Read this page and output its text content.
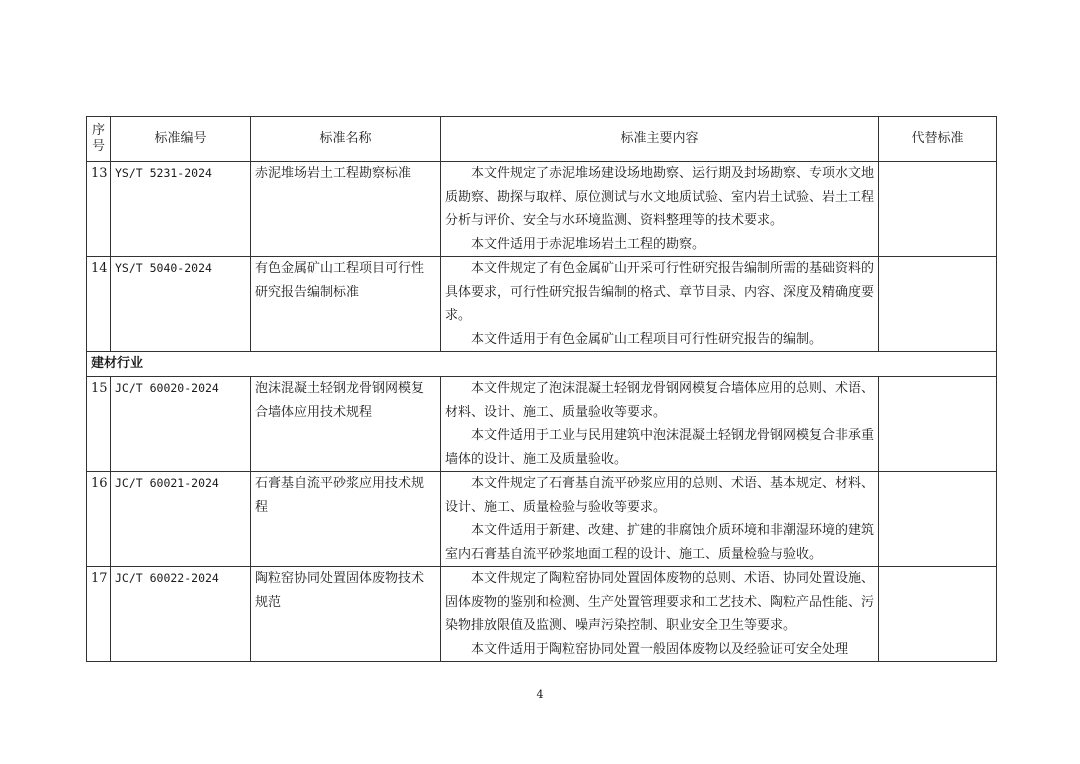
序
号	标准编号	标准名称	标准主要内容	代替标准
13	YS/T 5231-2024	赤泥堆场岩土工程勘察标准	本文件规定了赤泥堆场建设场地勘察、运行期及封场勘察、专项水文地质勘察、勘探与取样、原位测试与水文地质试验、室内岩土试验、岩土工程分析与评价、安全与水环境监测、资料整理等的技术要求。

本文件适用于赤泥堆场岩土工程的勘察。	

14	YS/T 5040-2024	有色金属矿山工程项目可行性研究报告编制标准	本文件规定了有色金属矿山开采可行性研究报告编制所需的基础资料的具体要求，可行性研究报告编制的格式、章节目录、内容、深度及精确度要求。

本文件适用于有色金属矿山工程项目可行性研究报告的编制。	

建材行业				
15	JC/T 60020-2024	泡沫混凝土轻钢龙骨钢网模复合墙体应用技术规程	本文件规定了泡沫混凝土轻钢龙骨钢网模复合墙体应用的总则、术语、材料、设计、施工、质量验收等要求。

本文件适用于工业与民用建筑中泡沫混凝土轻钢龙骨钢网模复合非承重墙体的设计、施工及质量验收。	

16	JC/T 60021-2024	石膏基自流平砂浆应用技术规程	本文件规定了石膏基自流平砂浆应用的总则、术语、基本规定、材料、设计、施工、质量检验与验收等要求。

本文件适用于新建、改建、扩建的非腐蚀介质环境和非潮湿环境的建筑室内石膏基自流平砂浆地面工程的设计、施工、质量检验与验收。	

17	JC/T 60022-2024	陶粒窑协同处置固体废物技术规范	本文件规定了陶粒窑协同处置固体废物的总则、术语、协同处置设施、固体废物的鉴别和检测、生产处置管理要求和工艺技术、陶粒产品性能、污染物排放限值及监测、噪声污染控制、职业安全卫生等要求。

本文件适用于陶粒窑协同处置一般固体废物以及经验证可安全处理	

4
